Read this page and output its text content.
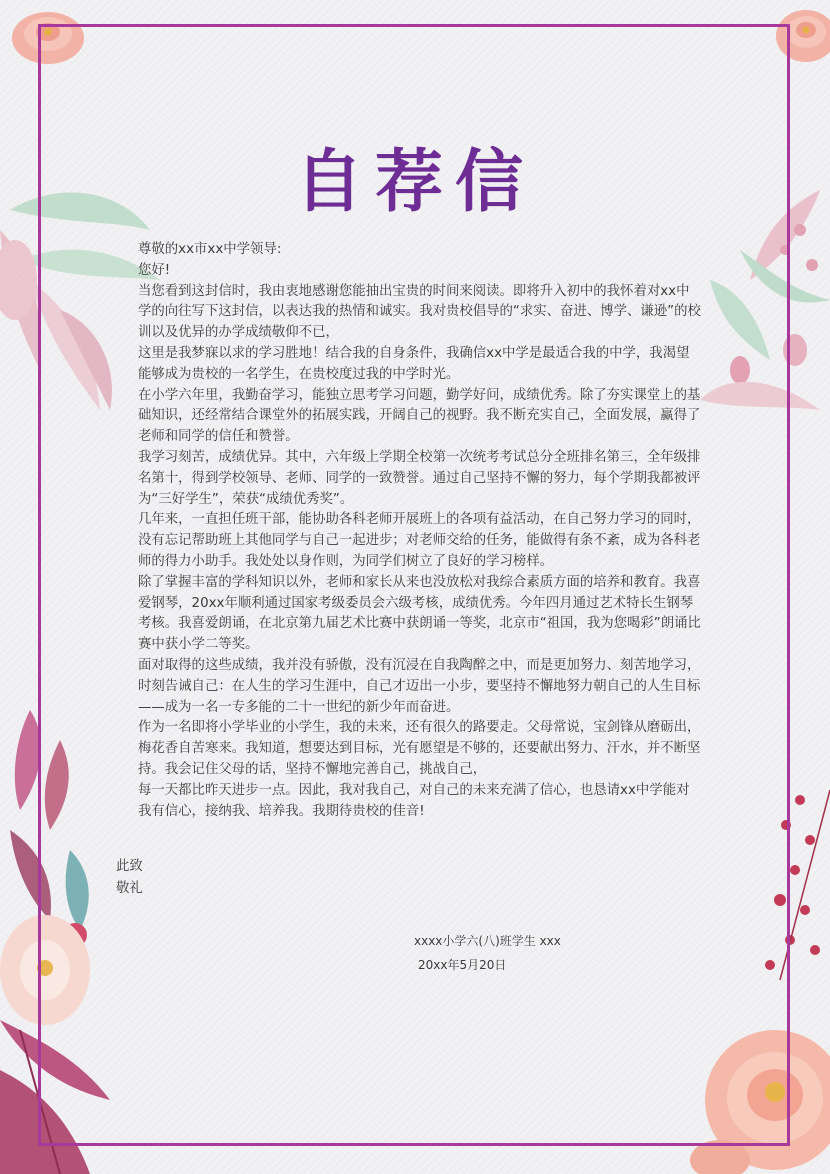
自荐信

尊敬的xx市xx中学领导:

您好!

当您看到这封信时，我由衷地感谢您能抽出宝贵的时间来阅读。即将升入初中的我怀着对xx中学的向往写下这封信，以表达我的热情和诚实。我对贵校倡导的“求实、奋进、博学、谦逊”的校训以及优异的办学成绩敬仰不已，

这里是我梦寐以求的学习胜地！结合我的自身条件，我确信xx中学是最适合我的中学，我渴望能够成为贵校的一名学生，在贵校度过我的中学时光。

在小学六年里，我勤奋学习，能独立思考学习问题，勤学好问，成绩优秀。除了夯实课堂上的基础知识，还经常结合课堂外的拓展实践，开阔自己的视野。我不断充实自己，全面发展，赢得了老师和同学的信任和赞誉。

我学习刻苦，成绩优异。其中，六年级上学期全校第一次统考考试总分全班排名第三，全年级排名第十，得到学校领导、老师、同学的一致赞誉。通过自己坚持不懈的努力，每个学期我都被评为“三好学生”，荣获“成绩优秀奖”。

几年来，一直担任班干部，能协助各科老师开展班上的各项有益活动，在自己努力学习的同时，没有忘记帮助班上其他同学与自己一起进步；对老师交给的任务，能做得有条不紊，成为各科老师的得力小助手。我处处以身作则，为同学们树立了良好的学习榜样。

除了掌握丰富的学科知识以外，老师和家长从来也没放松对我综合素质方面的培养和教育。我喜爱钢琴，20xx年顺利通过国家考级委员会六级考核，成绩优秀。今年四月通过艺术特长生钢琴考核。我喜爱朗诵，在北京第九届艺术比赛中获朗诵一等奖，北京市“祖国，我为您喝彩”朗诵比赛中获小学二等奖。

面对取得的这些成绩，我并没有骄傲，没有沉浸在自我陶醉之中，而是更加努力、刻苦地学习，时刻告诫自己：在人生的学习生涯中，自己才迈出一小步，要坚持不懈地努力朝自己的人生目标——成为一名一专多能的二十一世纪的新少年而奋进。

作为一名即将小学毕业的小学生，我的未来，还有很久的路要走。父母常说，宝剑锋从磨砺出，梅花香自苦寒来。我知道，想要达到目标，光有愿望是不够的，还要献出努力、汗水，并不断坚持。我会记住父母的话，坚持不懈地完善自己，挑战自己，

每一天都比昨天进步一点。因此，我对我自己，对自己的未来充满了信心，也恳请xx中学能对我有信心，接纳我、培养我。我期待贵校的佳音!

此致
敬礼
xxxx小学六(八)班学生 xxx
20xx年5月20日
